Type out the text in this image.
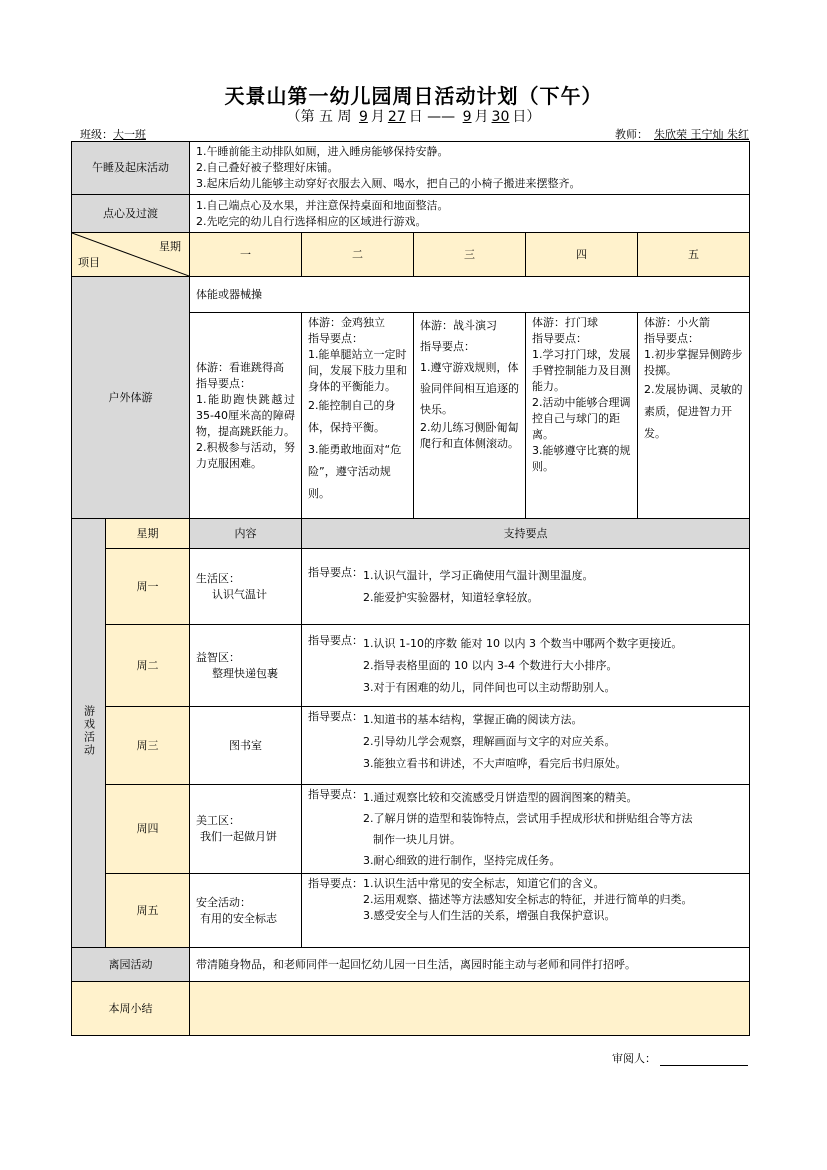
天景山第一幼儿园周日活动计划（下午）
（第 五 周 9 月 27 日 —— 9 月 30 日）
班级：大一班	教师： 朱欣荣 王宁灿 朱红
午睡及起床活动		1.午睡前能主动排队如厕，进入睡房能够保持安静。
2.自己叠好被子整理好床铺。
3.起床后幼儿能够主动穿好衣服去入厕、喝水，把自己的小椅子搬进来摆整齐。				

点心及过渡		1.自己端点心及水果，并注意保持桌面和地面整洁。
2.先吃完的幼儿自行选择相应的区域进行游戏。				

星期
项目		一	二	三	四	五
户外体游		体能或器械操				

		体游：看谁跳得高
指导要点：
1.能助跑快跳越过 35-40厘米高的障碍物，提高跳跃能力。
2.积极参与活动，努力克服困难。	体游：金鸡独立
指导要点：
1.能单腿站立一定时间，发展下肢力里和身体的平衡能力。
2.能控制自己的身体，保持平衡。
3.能勇敢地面对“危险”，遵守活动规则。	体游：战斗演习
指导要点：
1.遵守游戏规则，体验同伴间相互追逐的快乐。
2.幼儿练习侧卧匍匐爬行和直体侧滚动。	体游：打门球
指导要点：
1.学习打门球，发展手臂控制能力及目测能力。
2.活动中能够合理调控自己与球门的距离。
3.能够遵守比赛的规则。	体游：小火箭
指导要点：
1.初步掌握异侧跨步投掷。
2.发展协调、灵敏的素质，促进智力开发。

游戏活动	星期	内容	支持要点			
	周一	生活区：
认识气温计	指导要点： 1.认识气温计，学习正确使用气温计测里温度。
2.能爱护实验器材，知道轻拿轻放。			

	周二	益智区：
整理快递包裹	指导要点： 1.认识 1-10的序数 能对 10 以内 3 个数当中哪两个数字更接近。
2.指导表格里面的 10 以内 3-4 个数进行大小排序。
3.对于有困难的幼儿，同伴间也可以主动帮助别人。			

	周三	图书室	指导要点： 1.知道书的基本结构，掌握正确的阅读方法。
2.引导幼儿学会观察，理解画面与文字的对应关系。
3.能独立看书和讲述，不大声喧哗，看完后书归原处。			

	周四	美工区：
我们一起做月饼	指导要点： 1.通过观察比较和交流感受月饼造型的圆润图案的精美。
2.了解月饼的造型和装饰特点，尝试用手捏成形状和拼贴组合等方法
制作一块儿月饼。
3.耐心细致的进行制作，坚持完成任务。			

	周五	安全活动：
有用的安全标志	指导要点： 1.认识生活中常见的安全标志，知道它们的含义。
2.运用观察、描述等方法感知安全标志的特征，并进行简单的归类。
3.感受安全与人们生活的关系，增强自我保护意识。			

离园活动		带清随身物品，和老师同伴一起回忆幼儿园一日生活，离园时能主动与老师和同伴打招呼。				
本周小结						
审阅人：
